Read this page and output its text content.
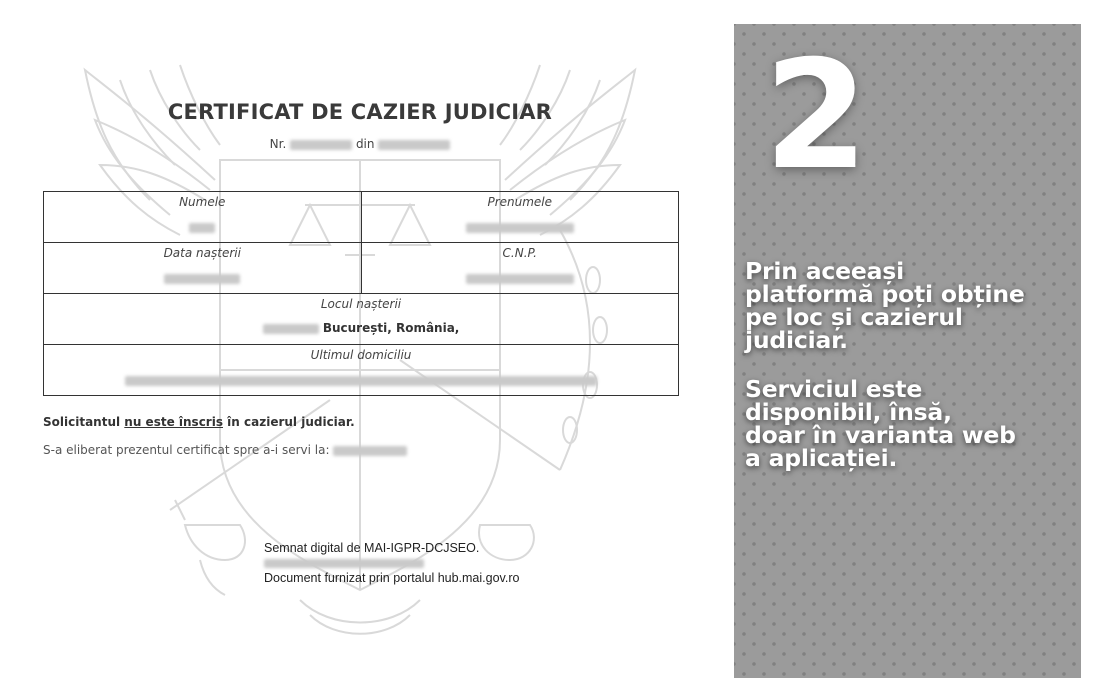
CERTIFICAT DE CAZIER JUDICIAR
Nr.	din
Numele	Prenumele

Data nașterii	C.N.P.

Locul nașterii
București, România,	

Ultimul domiciliu	
Solicitantul nu este înscris în cazierul judiciar.
S-a eliberat prezentul certificat spre a-i servi la:
Semnat digital de MAI-IGPR-DCJSEO.
Document furnizat prin portalul hub.mai.gov.ro
2
Prin aceeași
platformă poți obține
pe loc și cazierul
judiciar.
Serviciul este
disponibil, însă,
doar în varianta web
a aplicației.
